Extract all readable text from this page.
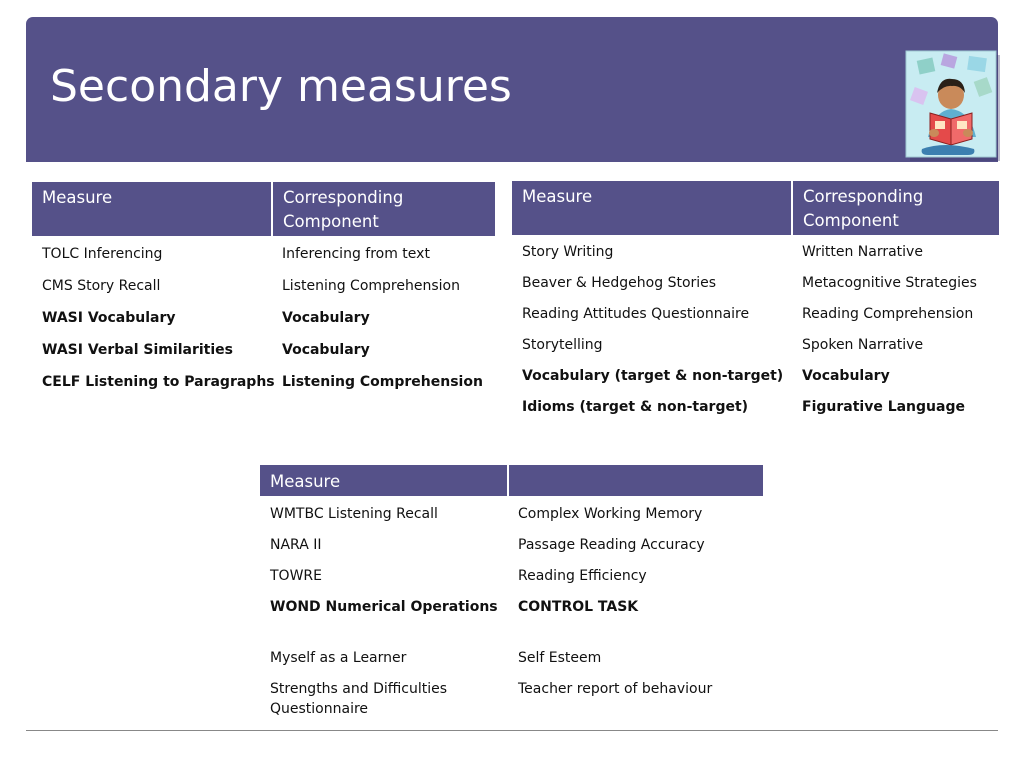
Secondary measures
Measure	Corresponding Component
TOLC Inferencing	Inferencing from text
CMS Story Recall	Listening Comprehension
WASI Vocabulary	Vocabulary
WASI Verbal Similarities	Vocabulary
CELF Listening to Paragraphs	Listening Comprehension
Measure	Corresponding Component
Story Writing	Written Narrative
Beaver & Hedgehog Stories	Metacognitive Strategies
Reading Attitudes Questionnaire	Reading Comprehension
Storytelling	Spoken Narrative
Vocabulary (target & non-target)	Vocabulary
Idioms (target & non-target)	Figurative Language
Measure	
WMTBC Listening Recall	Complex Working Memory
NARA II	Passage Reading Accuracy
TOWRE	Reading Efficiency
WOND Numerical Operations	CONTROL TASK

Myself as a Learner	Self Esteem
Strengths and Difficulties Questionnaire	Teacher report of behaviour
